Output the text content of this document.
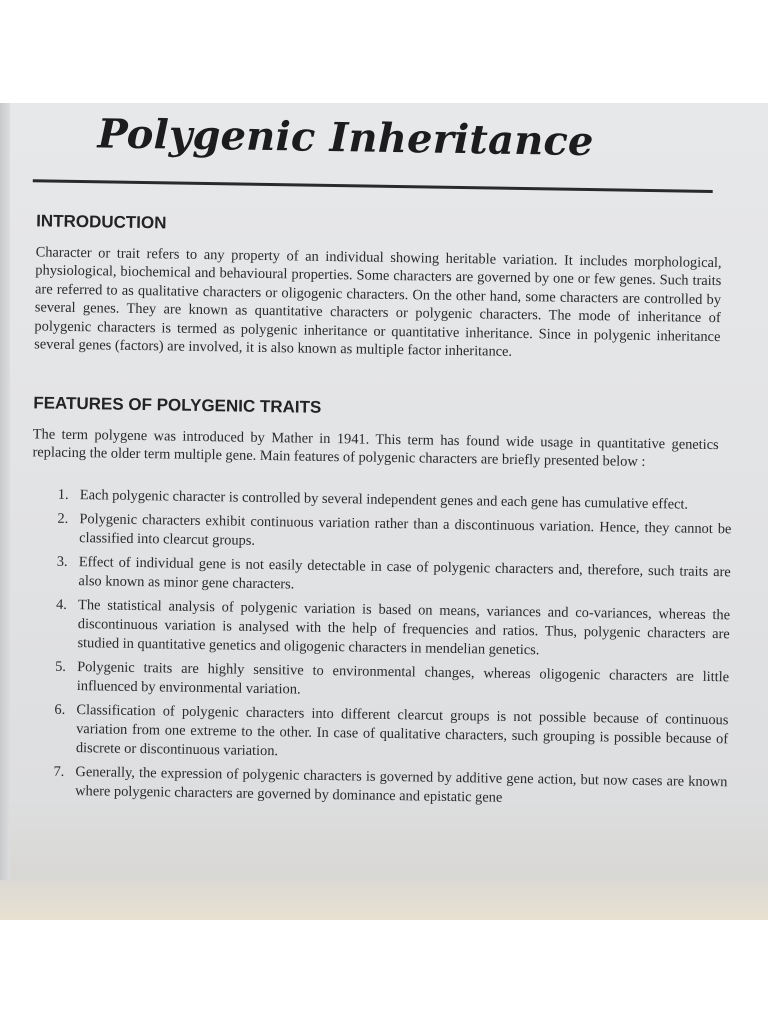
Polygenic Inheritance
INTRODUCTION

Character or trait refers to any property of an individual showing heritable variation. It includes morphological, physiological, biochemical and behavioural properties. Some characters are governed by one or few genes. Such traits are referred to as qualitative characters or oligogenic characters. On the other hand, some characters are controlled by several genes. They are known as quantitative characters or polygenic characters. The mode of inheritance of polygenic characters is termed as polygenic inheritance or quantitative inheritance. Since in polygenic inheritance several genes (factors) are involved, it is also known as multiple factor inheritance.

FEATURES OF POLYGENIC TRAITS

The term polygene was introduced by Mather in 1941. This term has found wide usage in quantitative genetics replacing the older term multiple gene. Main features of polygenic characters are briefly presented below :

1. Each polygenic character is controlled by several independent genes and each gene has cumulative effect.
2. Polygenic characters exhibit continuous variation rather than a discontinuous variation. Hence, they cannot be classified into clearcut groups.
3. Effect of individual gene is not easily detectable in case of polygenic characters and, therefore, such traits are also known as minor gene characters.
4. The statistical analysis of polygenic variation is based on means, variances and co-variances, whereas the discontinuous variation is analysed with the help of frequencies and ratios. Thus, polygenic characters are studied in quantitative genetics and oligogenic characters in mendelian genetics.
5. Polygenic traits are highly sensitive to environmental changes, whereas oligogenic characters are little influenced by environmental variation.
6. Classification of polygenic characters into different clearcut groups is not possible because of continuous variation from one extreme to the other. In case of qualitative characters, such grouping is possible because of discrete or discontinuous variation.
7. Generally, the expression of polygenic characters is governed by additive gene action, but now cases are known where polygenic characters are governed by dominance and epistatic gene
